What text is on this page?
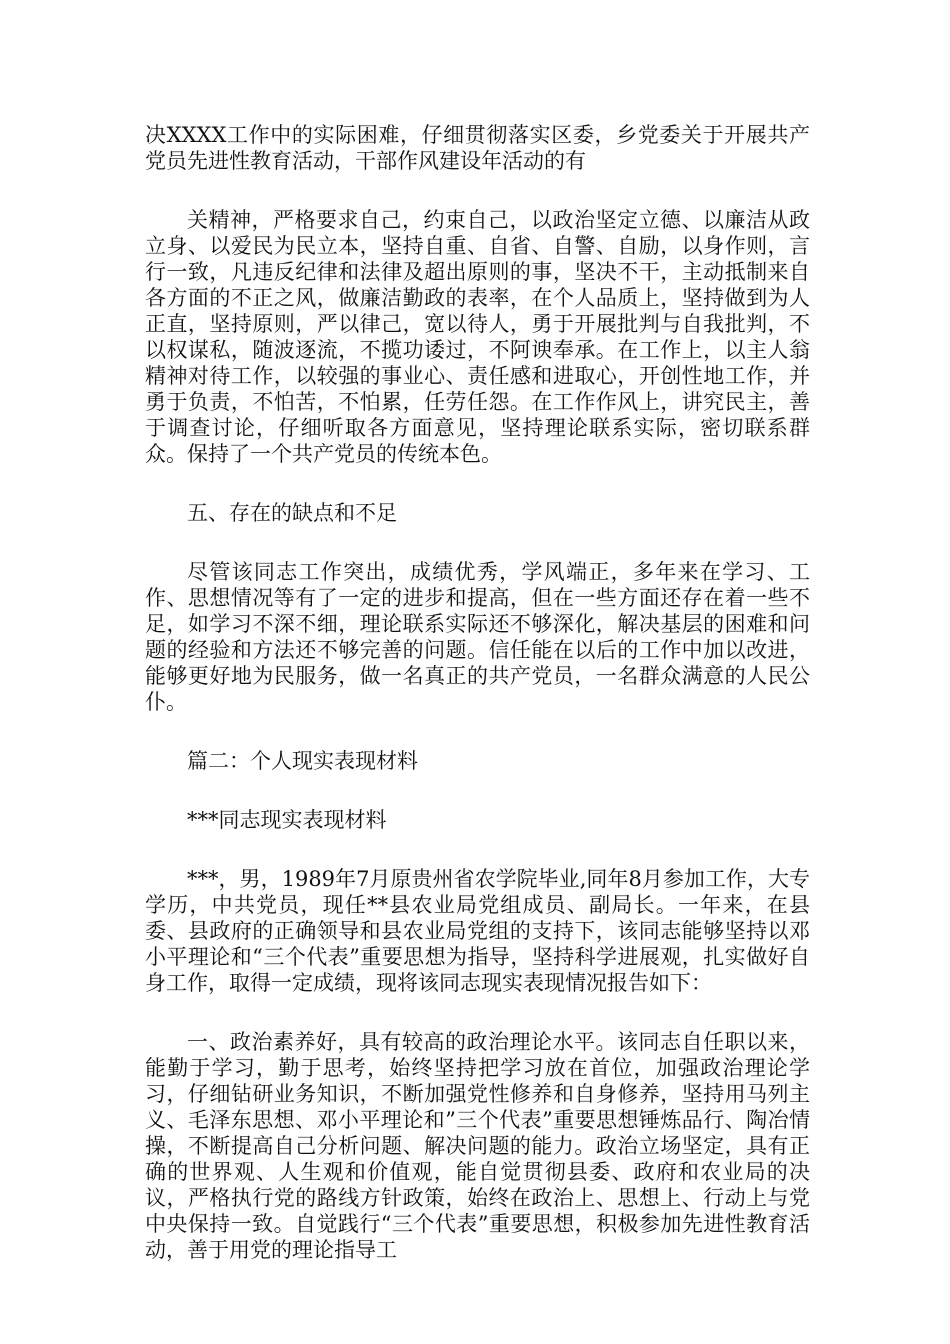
决XXXX工作中的实际困难，仔细贯彻落实区委，乡党委关于开展共产党员先进性教育活动，干部作风建设年活动的有

关精神，严格要求自己，约束自己，以政治坚定立德、以廉洁从政立身、以爱民为民立本，坚持自重、自省、自警、自励，以身作则，言行一致，凡违反纪律和法律及超出原则的事，坚决不干，主动抵制来自各方面的不正之风，做廉洁勤政的表率，在个人品质上，坚持做到为人正直，坚持原则，严以律己，宽以待人，勇于开展批判与自我批判，不以权谋私，随波逐流，不揽功诿过，不阿谀奉承。在工作上，以主人翁精神对待工作，以较强的事业心、责任感和进取心，开创性地工作，并勇于负责，不怕苦，不怕累，任劳任怨。在工作作风上，讲究民主，善于调查讨论，仔细听取各方面意见，坚持理论联系实际，密切联系群众。保持了一个共产党员的传统本色。

五、存在的缺点和不足

尽管该同志工作突出，成绩优秀，学风端正，多年来在学习、工作、思想情况等有了一定的进步和提高，但在一些方面还存在着一些不足，如学习不深不细，理论联系实际还不够深化，解决基层的困难和问题的经验和方法还不够完善的问题。信任能在以后的工作中加以改进，能够更好地为民服务，做一名真正的共产党员，一名群众满意的人民公仆。

篇二：个人现实表现材料

***同志现实表现材料

***，男，1989年7月原贵州省农学院毕业,同年8月参加工作，大专学历，中共党员，现任**县农业局党组成员、副局长。一年来，在县委、县政府的正确领导和县农业局党组的支持下，该同志能够坚持以邓小平理论和“三个代表”重要思想为指导，坚持科学进展观，扎实做好自身工作，取得一定成绩，现将该同志现实表现情况报告如下：

一、政治素养好，具有较高的政治理论水平。该同志自任职以来，能勤于学习，勤于思考，始终坚持把学习放在首位，加强政治理论学习，仔细钻研业务知识，不断加强党性修养和自身修养，坚持用马列主义、毛泽东思想、邓小平理论和”三个代表”重要思想锤炼品行、陶冶情操，不断提高自己分析问题、解决问题的能力。政治立场坚定，具有正确的世界观、人生观和价值观，能自觉贯彻县委、政府和农业局的决议，严格执行党的路线方针政策，始终在政治上、思想上、行动上与党中央保持一致。自觉践行“三个代表”重要思想，积极参加先进性教育活动，善于用党的理论指导工
